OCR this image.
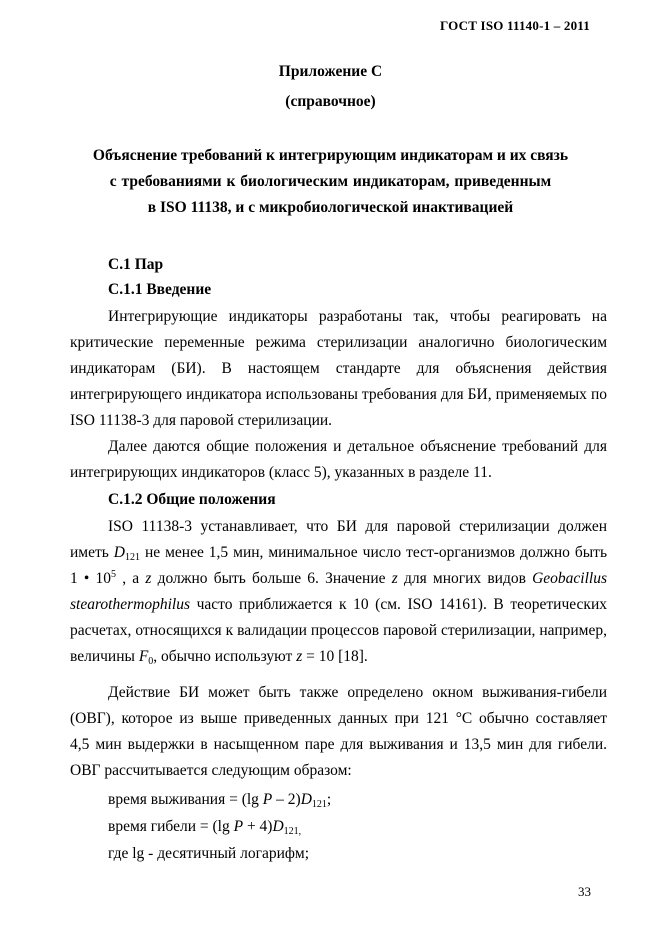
ГОСТ ISO 11140-1 – 2011
Приложение С
(справочное)
Объяснение требований к интегрирующим индикаторам и их связь
с требованиями к биологическим индикаторам, приведенным
в ISO 11138, и с микробиологической инактивацией
С.1 Пар
С.1.1 Введение
Интегрирующие индикаторы разработаны так, чтобы реагировать на
критические переменные режима стерилизации аналогично биологическим
индикаторам (БИ). В настоящем стандарте для объяснения действия
интегрирующего индикатора использованы требования для БИ, применяемых по
ISO 11138-3 для паровой стерилизации.
Далее даются общие положения и детальное объяснение требований для
интегрирующих индикаторов (класс 5), указанных в разделе 11.
С.1.2 Общие положения
ISO 11138-3 устанавливает, что БИ для паровой стерилизации должен
иметь $D_{121}$ не менее 1,5 мин, минимальное число тест-организмов должно быть
1 • $10^5$ , а z должно быть больше 6. Значение z для многих видов Geobacillus
stearothermophilus часто приближается к 10 (см. ISO 14161). В теоретических
расчетах, относящихся к валидации процессов паровой стерилизации, например,
величины $F_0$, обычно используют z = 10 [18].
Действие БИ может быть также определено окном выживания-гибели
(ОВГ), которое из выше приведенных данных при 121 °С обычно составляет
4,5 мин выдержки в насыщенном паре для выживания и 13,5 мин для гибели.
ОВГ рассчитывается следующим образом:
время выживания = (lg P – $2)D_{121}$;
время гибели = (lg $P + 4)D_{121,}$
где lg - десятичный логарифм;
33
